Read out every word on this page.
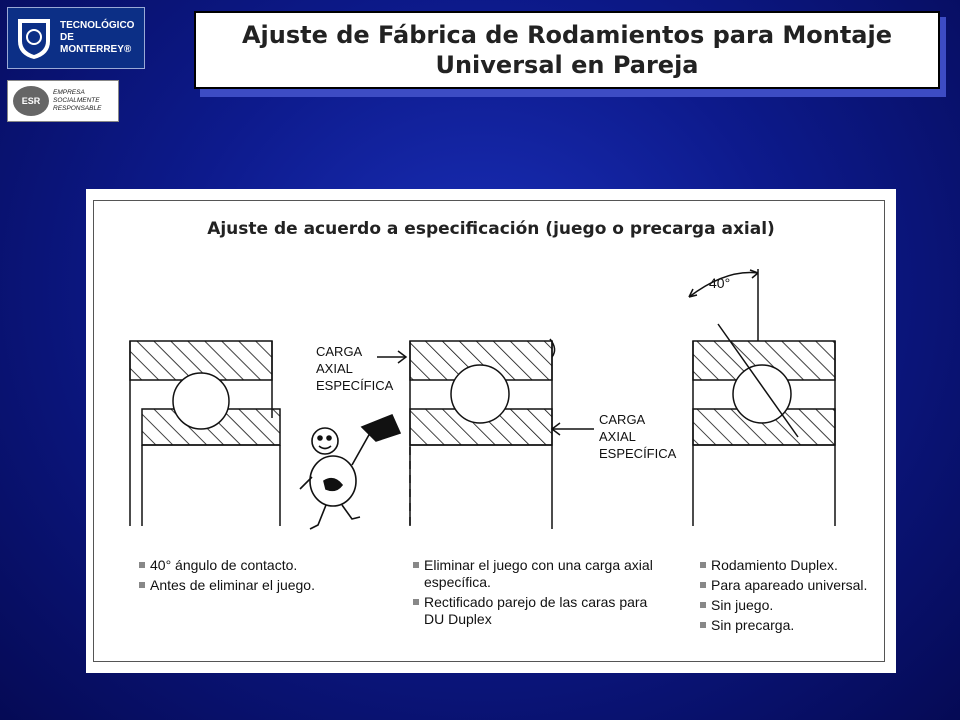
TECNOLÓGICO DE MONTERREY®
ESR
EMPRESA
SOCIALMENTE
RESPONSABLE
Ajuste de Fábrica de Rodamientos para Montaje Universal en Pareja
Ajuste de acuerdo a especificación (juego o precarga axial)
CARGA
AXIAL
ESPECÍFICA
CARGA
AXIAL
ESPECÍFICA
40°
40° ángulo de contacto.
Antes de eliminar el juego.
Eliminar el juego con una carga axial específica.
Rectificado parejo de las caras para DU Duplex
Rodamiento Duplex.
Para apareado universal.
Sin juego.
Sin precarga.
